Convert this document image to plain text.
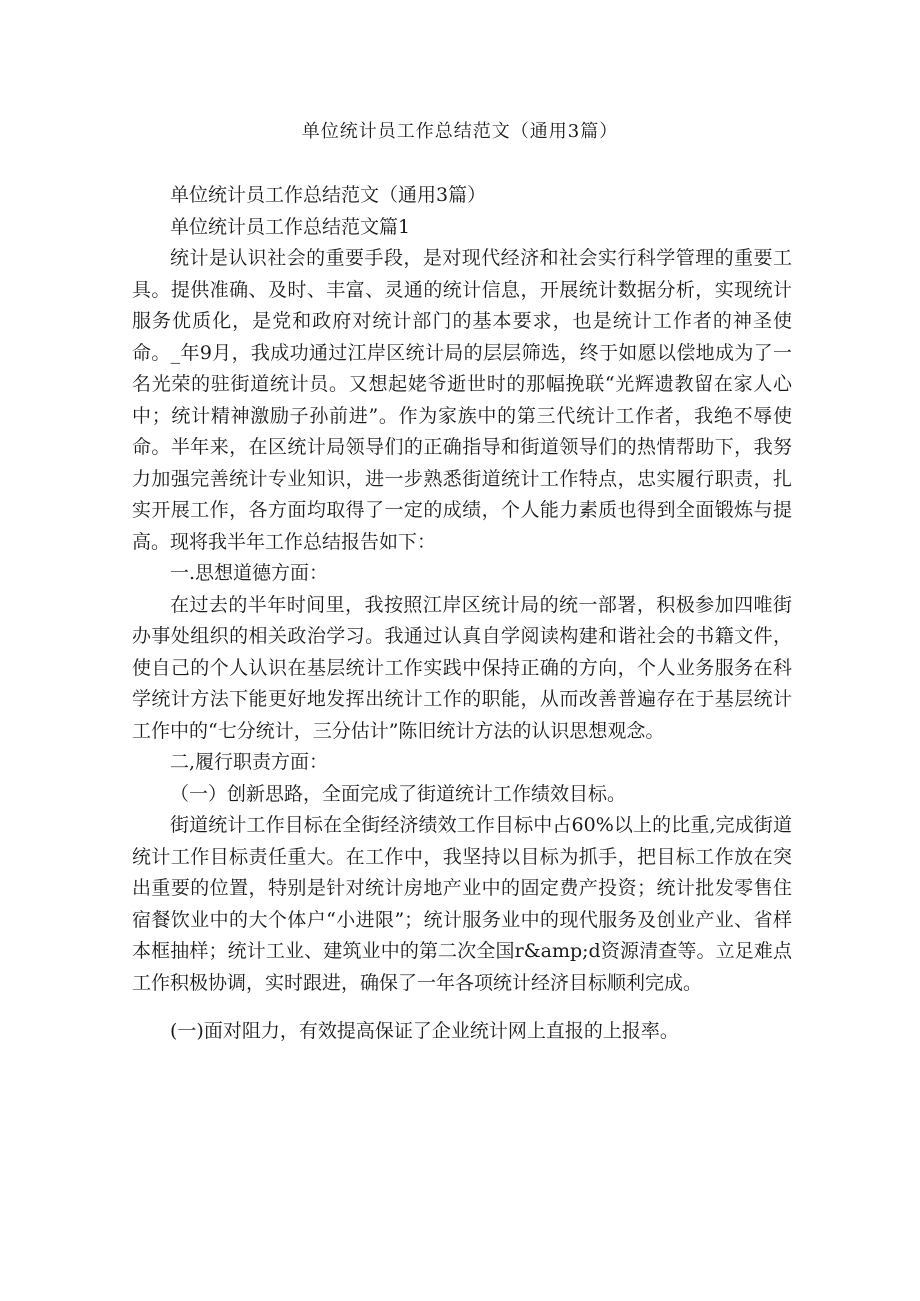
单位统计员工作总结范文（通用3篇）

单位统计员工作总结范文（通用3篇）

单位统计员工作总结范文篇1

统计是认识社会的重要手段，是对现代经济和社会实行科学管理的重要工具。提供准确、及时、丰富、灵通的统计信息，开展统计数据分析，实现统计服务优质化，是党和政府对统计部门的基本要求，也是统计工作者的神圣使命。_年9月，我成功通过江岸区统计局的层层筛选，终于如愿以偿地成为了一名光荣的驻街道统计员。又想起姥爷逝世时的那幅挽联“光辉遗教留在家人心中；统计精神激励子孙前进”。作为家族中的第三代统计工作者，我绝不辱使命。半年来，在区统计局领导们的正确指导和街道领导们的热情帮助下，我努力加强完善统计专业知识，进一步熟悉街道统计工作特点，忠实履行职责，扎实开展工作，各方面均取得了一定的成绩，个人能力素质也得到全面锻炼与提高。现将我半年工作总结报告如下：

一.思想道德方面：

在过去的半年时间里，我按照江岸区统计局的统一部署，积极参加四唯街办事处组织的相关政治学习。我通过认真自学阅读构建和谐社会的书籍文件，使自己的个人认识在基层统计工作实践中保持正确的方向，个人业务服务在科学统计方法下能更好地发挥出统计工作的职能，从而改善普遍存在于基层统计工作中的“七分统计，三分估计”陈旧统计方法的认识思想观念。

二,履行职责方面：

（一）创新思路，全面完成了街道统计工作绩效目标。

街道统计工作目标在全街经济绩效工作目标中占60%以上的比重,完成街道统计工作目标责任重大。在工作中，我坚持以目标为抓手，把目标工作放在突出重要的位置，特别是针对统计房地产业中的固定费产投资；统计批发零售住宿餐饮业中的大个体户“小进限”；统计服务业中的现代服务及创业产业、省样本框抽样；统计工业、建筑业中的第二次全国r&amp;d资源清查等。立足难点工作积极协调，实时跟进，确保了一年各项统计经济目标顺利完成。

(一)面对阻力，有效提高保证了企业统计网上直报的上报率。
